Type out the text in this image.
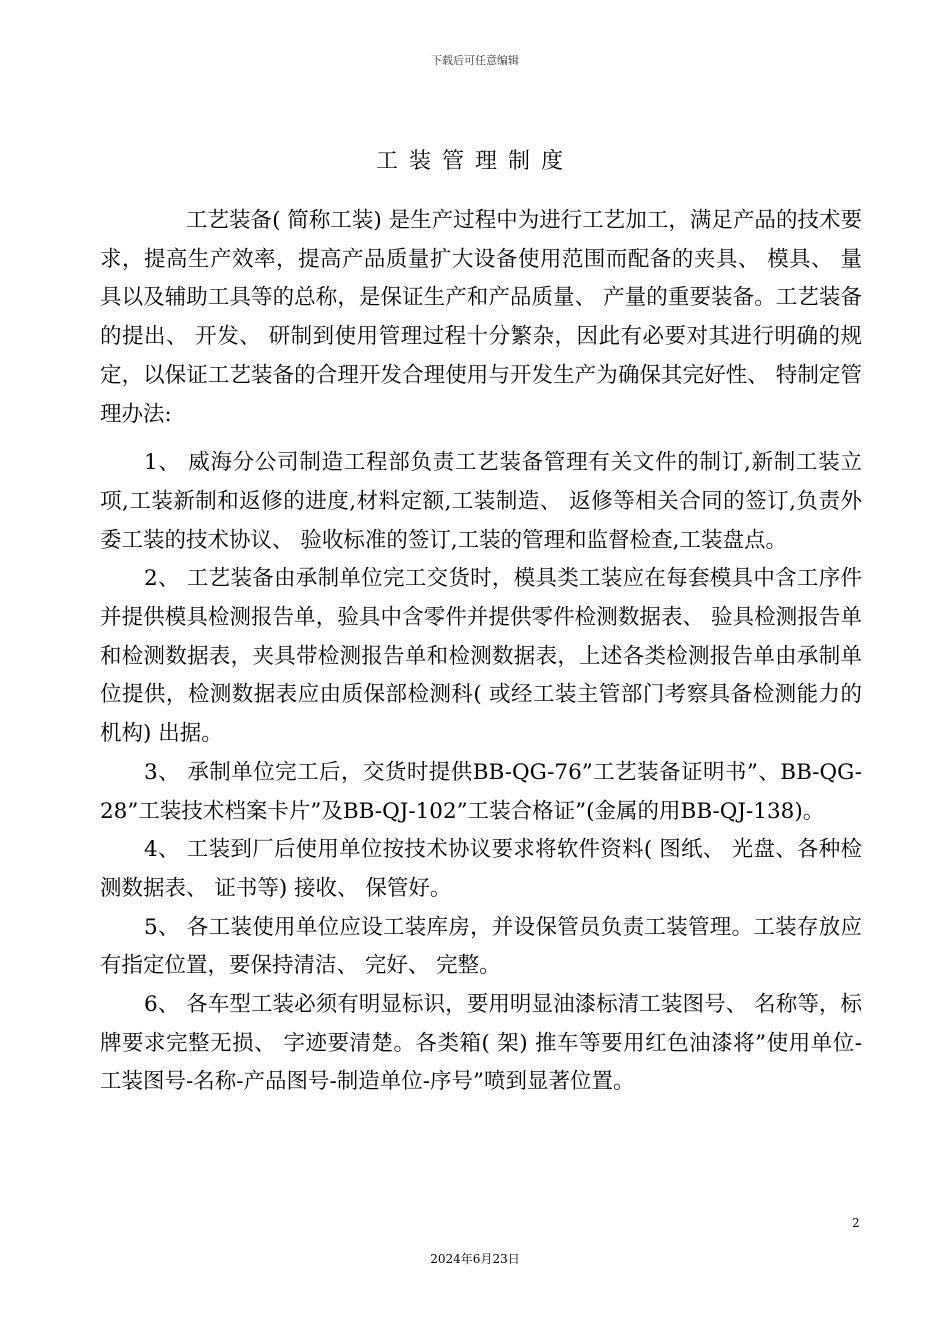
下载后可任意编辑
工装管理制度

工艺装备( 简称工装) 是生产过程中为进行工艺加工，满足产品的技术要求，提高生产效率，提高产品质量扩大设备使用范围而配备的夹具、 模具、 量具以及辅助工具等的总称，是保证生产和产品质量、 产量的重要装备。工艺装备的提出、 开发、 研制到使用管理过程十分繁杂，因此有必要对其进行明确的规定，以保证工艺装备的合理开发合理使用与开发生产为确保其完好性、 特制定管理办法:

1、 威海分公司制造工程部负责工艺装备管理有关文件的制订,新制工装立项,工装新制和返修的进度,材料定额,工装制造、 返修等相关合同的签订,负责外委工装的技术协议、 验收标准的签订,工装的管理和监督检查,工装盘点。

2、 工艺装备由承制单位完工交货时，模具类工装应在每套模具中含工序件并提供模具检测报告单，验具中含零件并提供零件检测数据表、 验具检测报告单和检测数据表，夹具带检测报告单和检测数据表，上述各类检测报告单由承制单位提供，检测数据表应由质保部检测科( 或经工装主管部门考察具备检测能力的机构) 出据。

3、 承制单位完工后，交货时提供BB-QG-76”工艺装备证明书”、BB-QG-28”工装技术档案卡片”及BB-QJ-102”工装合格证”(金属的用BB-QJ-138)。

4、 工装到厂后使用单位按技术协议要求将软件资料( 图纸、 光盘、各种检测数据表、 证书等) 接收、 保管好。

5、 各工装使用单位应设工装库房，并设保管员负责工装管理。工装存放应有指定位置，要保持清洁、 完好、 完整。

6、 各车型工装必须有明显标识，要用明显油漆标清工装图号、 名称等，标牌要求完整无损、 字迹要清楚。各类箱( 架) 推车等要用红色油漆将”使用单位-工装图号-名称-产品图号-制造单位-序号”喷到显著位置。

2
2024年6月23日
